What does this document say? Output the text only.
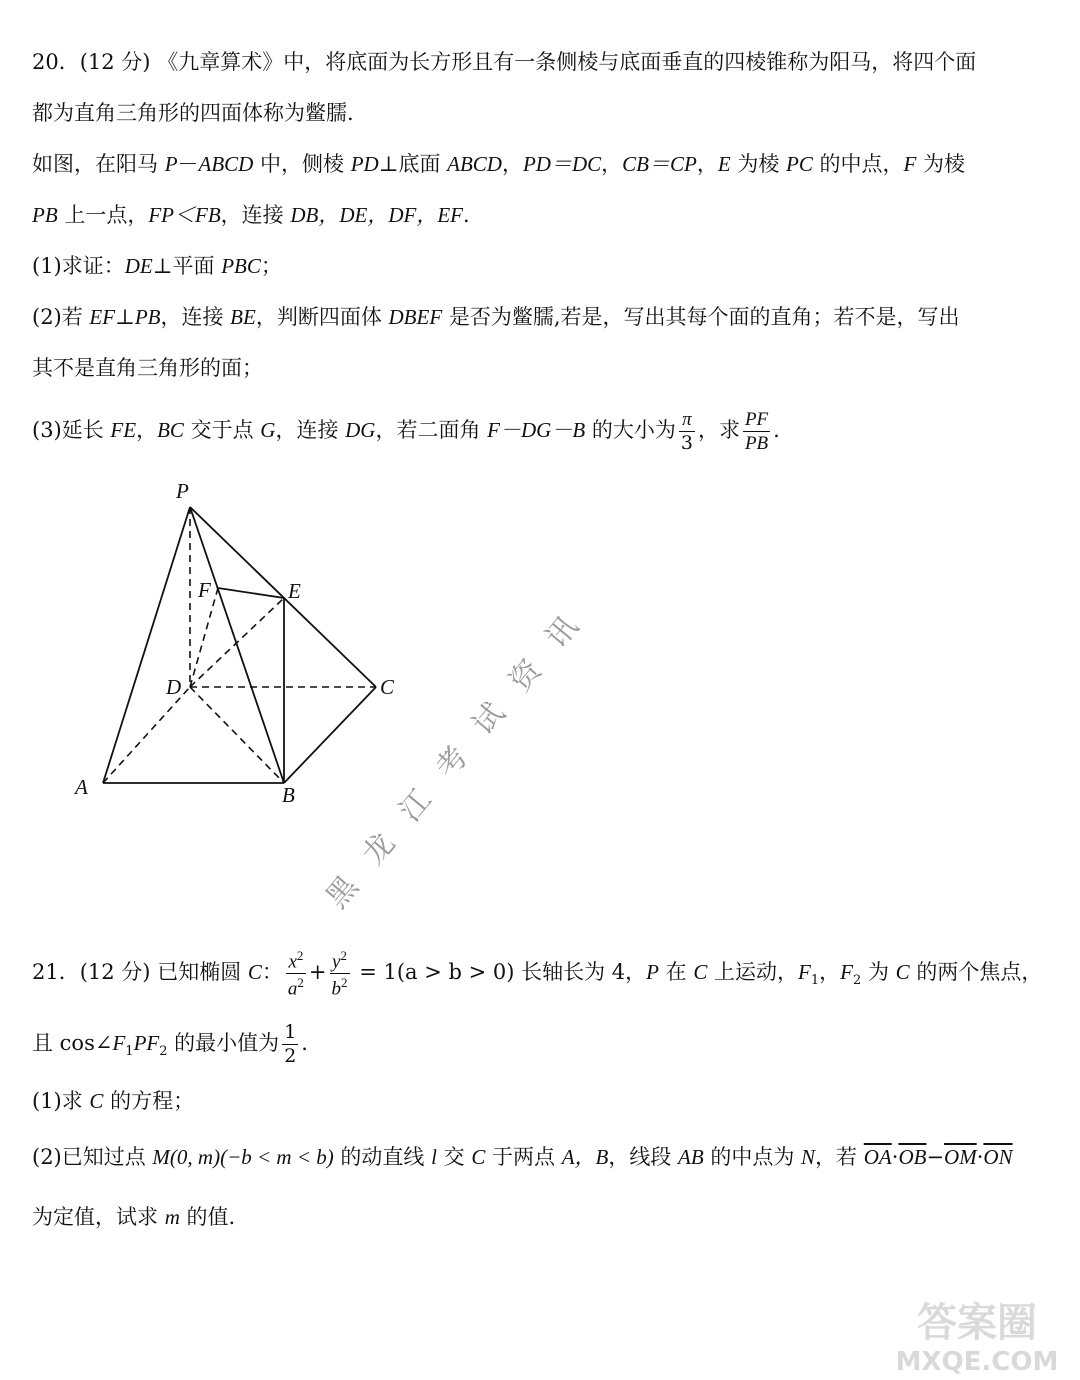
20．(12 分) 《九章算术》中，将底面为长方形且有一条侧棱与底面垂直的四棱锥称为阳马，将四个面
都为直角三角形的四面体称为鳖臑.
如图，在阳马 P－ABCD 中，侧棱 PD⊥底面 ABCD，PD＝DC，CB＝CP，E 为棱 PC 的中点，F 为棱
PB 上一点，FP＜FB，连接 DB，DE，DF，EF.
(1)求证：DE⊥平面 PBC；
(2)若 EF⊥PB，连接 BE，判断四面体 DBEF 是否为鳖臑,若是，写出其每个面的直角；若不是，写出
其不是直角三角形的面；
(3)延长 FE，BC 交于点 G，连接 DG，若二面角 F－DG－B 的大小为 $\frac{\pi}{3}$ ，求 $\frac{PF}{PB}$ .
P
F	E
D	C
A	B
黑
龙
江
考
试
资
讯
21．(12 分) 已知椭圆 C： $\frac{x^2}{a^2} + \frac{y^2}{b^2} = 1(a > b > 0)$ 长轴长为 4，P 在 C 上运动，$F_1$，$F_2$ 为 C 的两个焦点，
且 $\cos\angle F_1PF_2$ 的最小值为 $\frac{1}{2}$ .
(1)求 C 的方程；
(2)已知过点 M(0, m)(−b < m < b) 的动直线 l 交 C 于两点 A，B，线段 AB 的中点为 N，若 $\overline{OA}\cdot\overline{OB}-\overline{OM}\cdot\overline{ON}$
为定值，试求 m 的值.
答案圈
MXQE.COM
